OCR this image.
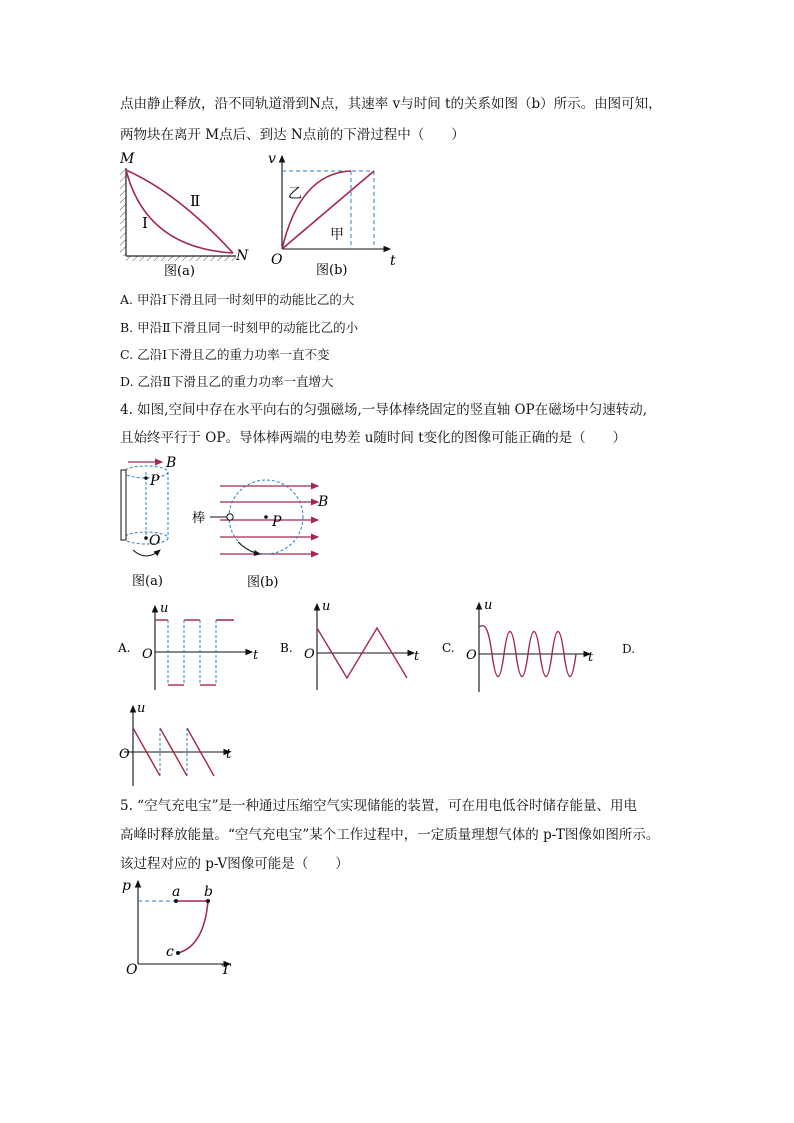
点由静止释放，沿不同轨道滑到N点，其速率 v与时间 t的关系如图（b）所示。由图可知，
两物块在离开 M点后、到达 N点前的下滑过程中（　　）
M
N
Ⅰ
Ⅱ
图(a)
v
t
O
乙
甲
图(b)
A. 甲沿Ⅰ下滑且同一时刻甲的动能比乙的大
B. 甲沿Ⅱ下滑且同一时刻甲的动能比乙的小
C. 乙沿Ⅰ下滑且乙的重力功率一直不变
D. 乙沿Ⅱ下滑且乙的重力功率一直增大
4. 如图,空间中存在水平向右的匀强磁场,一导体棒绕固定的竖直轴 OP在磁场中匀速转动,
且始终平行于 OP。导体棒两端的电势差 u随时间 t变化的图像可能正确的是（　　）
B
P
O
图(a)
棒
B
P
图(b)
A.
u
t
O	B.
u
t
O	C.
u
t
O	D.
u
t
O
5. “空气充电宝”是一种通过压缩空气实现储能的装置，可在用电低谷时储存能量、用电
高峰时释放能量。“空气充电宝”某个工作过程中，一定质量理想气体的 p-T图像如图所示。
该过程对应的 p-V图像可能是（　　）
p
T
O
a b
c
